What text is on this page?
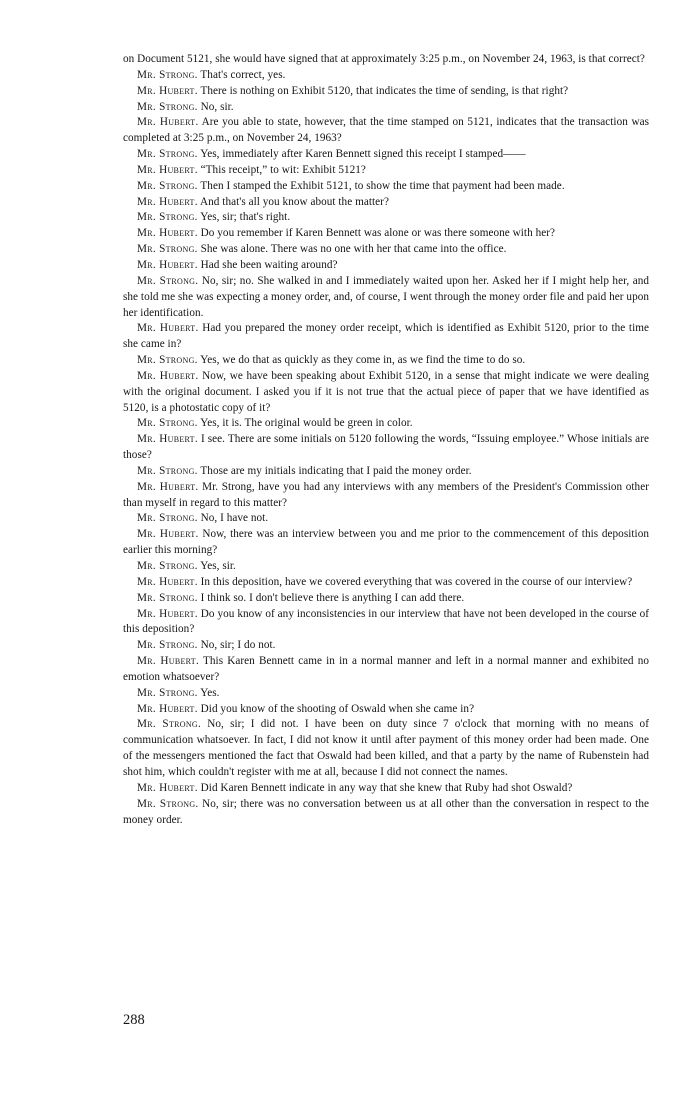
on Document 5121, she would have signed that at approximately 3:25 p.m., on November 24, 1963, is that correct?

Mr. Strong. That's correct, yes.

Mr. Hubert. There is nothing on Exhibit 5120, that indicates the time of sending, is that right?

Mr. Strong. No, sir.

Mr. Hubert. Are you able to state, however, that the time stamped on 5121, indicates that the transaction was completed at 3:25 p.m., on November 24, 1963?

Mr. Strong. Yes, immediately after Karen Bennett signed this receipt I stamped——

Mr. Hubert. “This receipt,” to wit: Exhibit 5121?

Mr. Strong. Then I stamped the Exhibit 5121, to show the time that payment had been made.

Mr. Hubert. And that's all you know about the matter?

Mr. Strong. Yes, sir; that's right.

Mr. Hubert. Do you remember if Karen Bennett was alone or was there someone with her?

Mr. Strong. She was alone. There was no one with her that came into the office.

Mr. Hubert. Had she been waiting around?

Mr. Strong. No, sir; no. She walked in and I immediately waited upon her. Asked her if I might help her, and she told me she was expecting a money order, and, of course, I went through the money order file and paid her upon her identification.

Mr. Hubert. Had you prepared the money order receipt, which is identified as Exhibit 5120, prior to the time she came in?

Mr. Strong. Yes, we do that as quickly as they come in, as we find the time to do so.

Mr. Hubert. Now, we have been speaking about Exhibit 5120, in a sense that might indicate we were dealing with the original document. I asked you if it is not true that the actual piece of paper that we have identified as 5120, is a photostatic copy of it?

Mr. Strong. Yes, it is. The original would be green in color.

Mr. Hubert. I see. There are some initials on 5120 following the words, “Issuing employee.” Whose initials are those?

Mr. Strong. Those are my initials indicating that I paid the money order.

Mr. Hubert. Mr. Strong, have you had any interviews with any members of the President's Commission other than myself in regard to this matter?

Mr. Strong. No, I have not.

Mr. Hubert. Now, there was an interview between you and me prior to the commencement of this deposition earlier this morning?

Mr. Strong. Yes, sir.

Mr. Hubert. In this deposition, have we covered everything that was covered in the course of our interview?

Mr. Strong. I think so. I don't believe there is anything I can add there.

Mr. Hubert. Do you know of any inconsistencies in our interview that have not been developed in the course of this deposition?

Mr. Strong. No, sir; I do not.

Mr. Hubert. This Karen Bennett came in in a normal manner and left in a normal manner and exhibited no emotion whatsoever?

Mr. Strong. Yes.

Mr. Hubert. Did you know of the shooting of Oswald when she came in?

Mr. Strong. No, sir; I did not. I have been on duty since 7 o'clock that morning with no means of communication whatsoever. In fact, I did not know it until after payment of this money order had been made. One of the messengers mentioned the fact that Oswald had been killed, and that a party by the name of Rubenstein had shot him, which couldn't register with me at all, because I did not connect the names.

Mr. Hubert. Did Karen Bennett indicate in any way that she knew that Ruby had shot Oswald?

Mr. Strong. No, sir; there was no conversation between us at all other than the conversation in respect to the money order.

288
